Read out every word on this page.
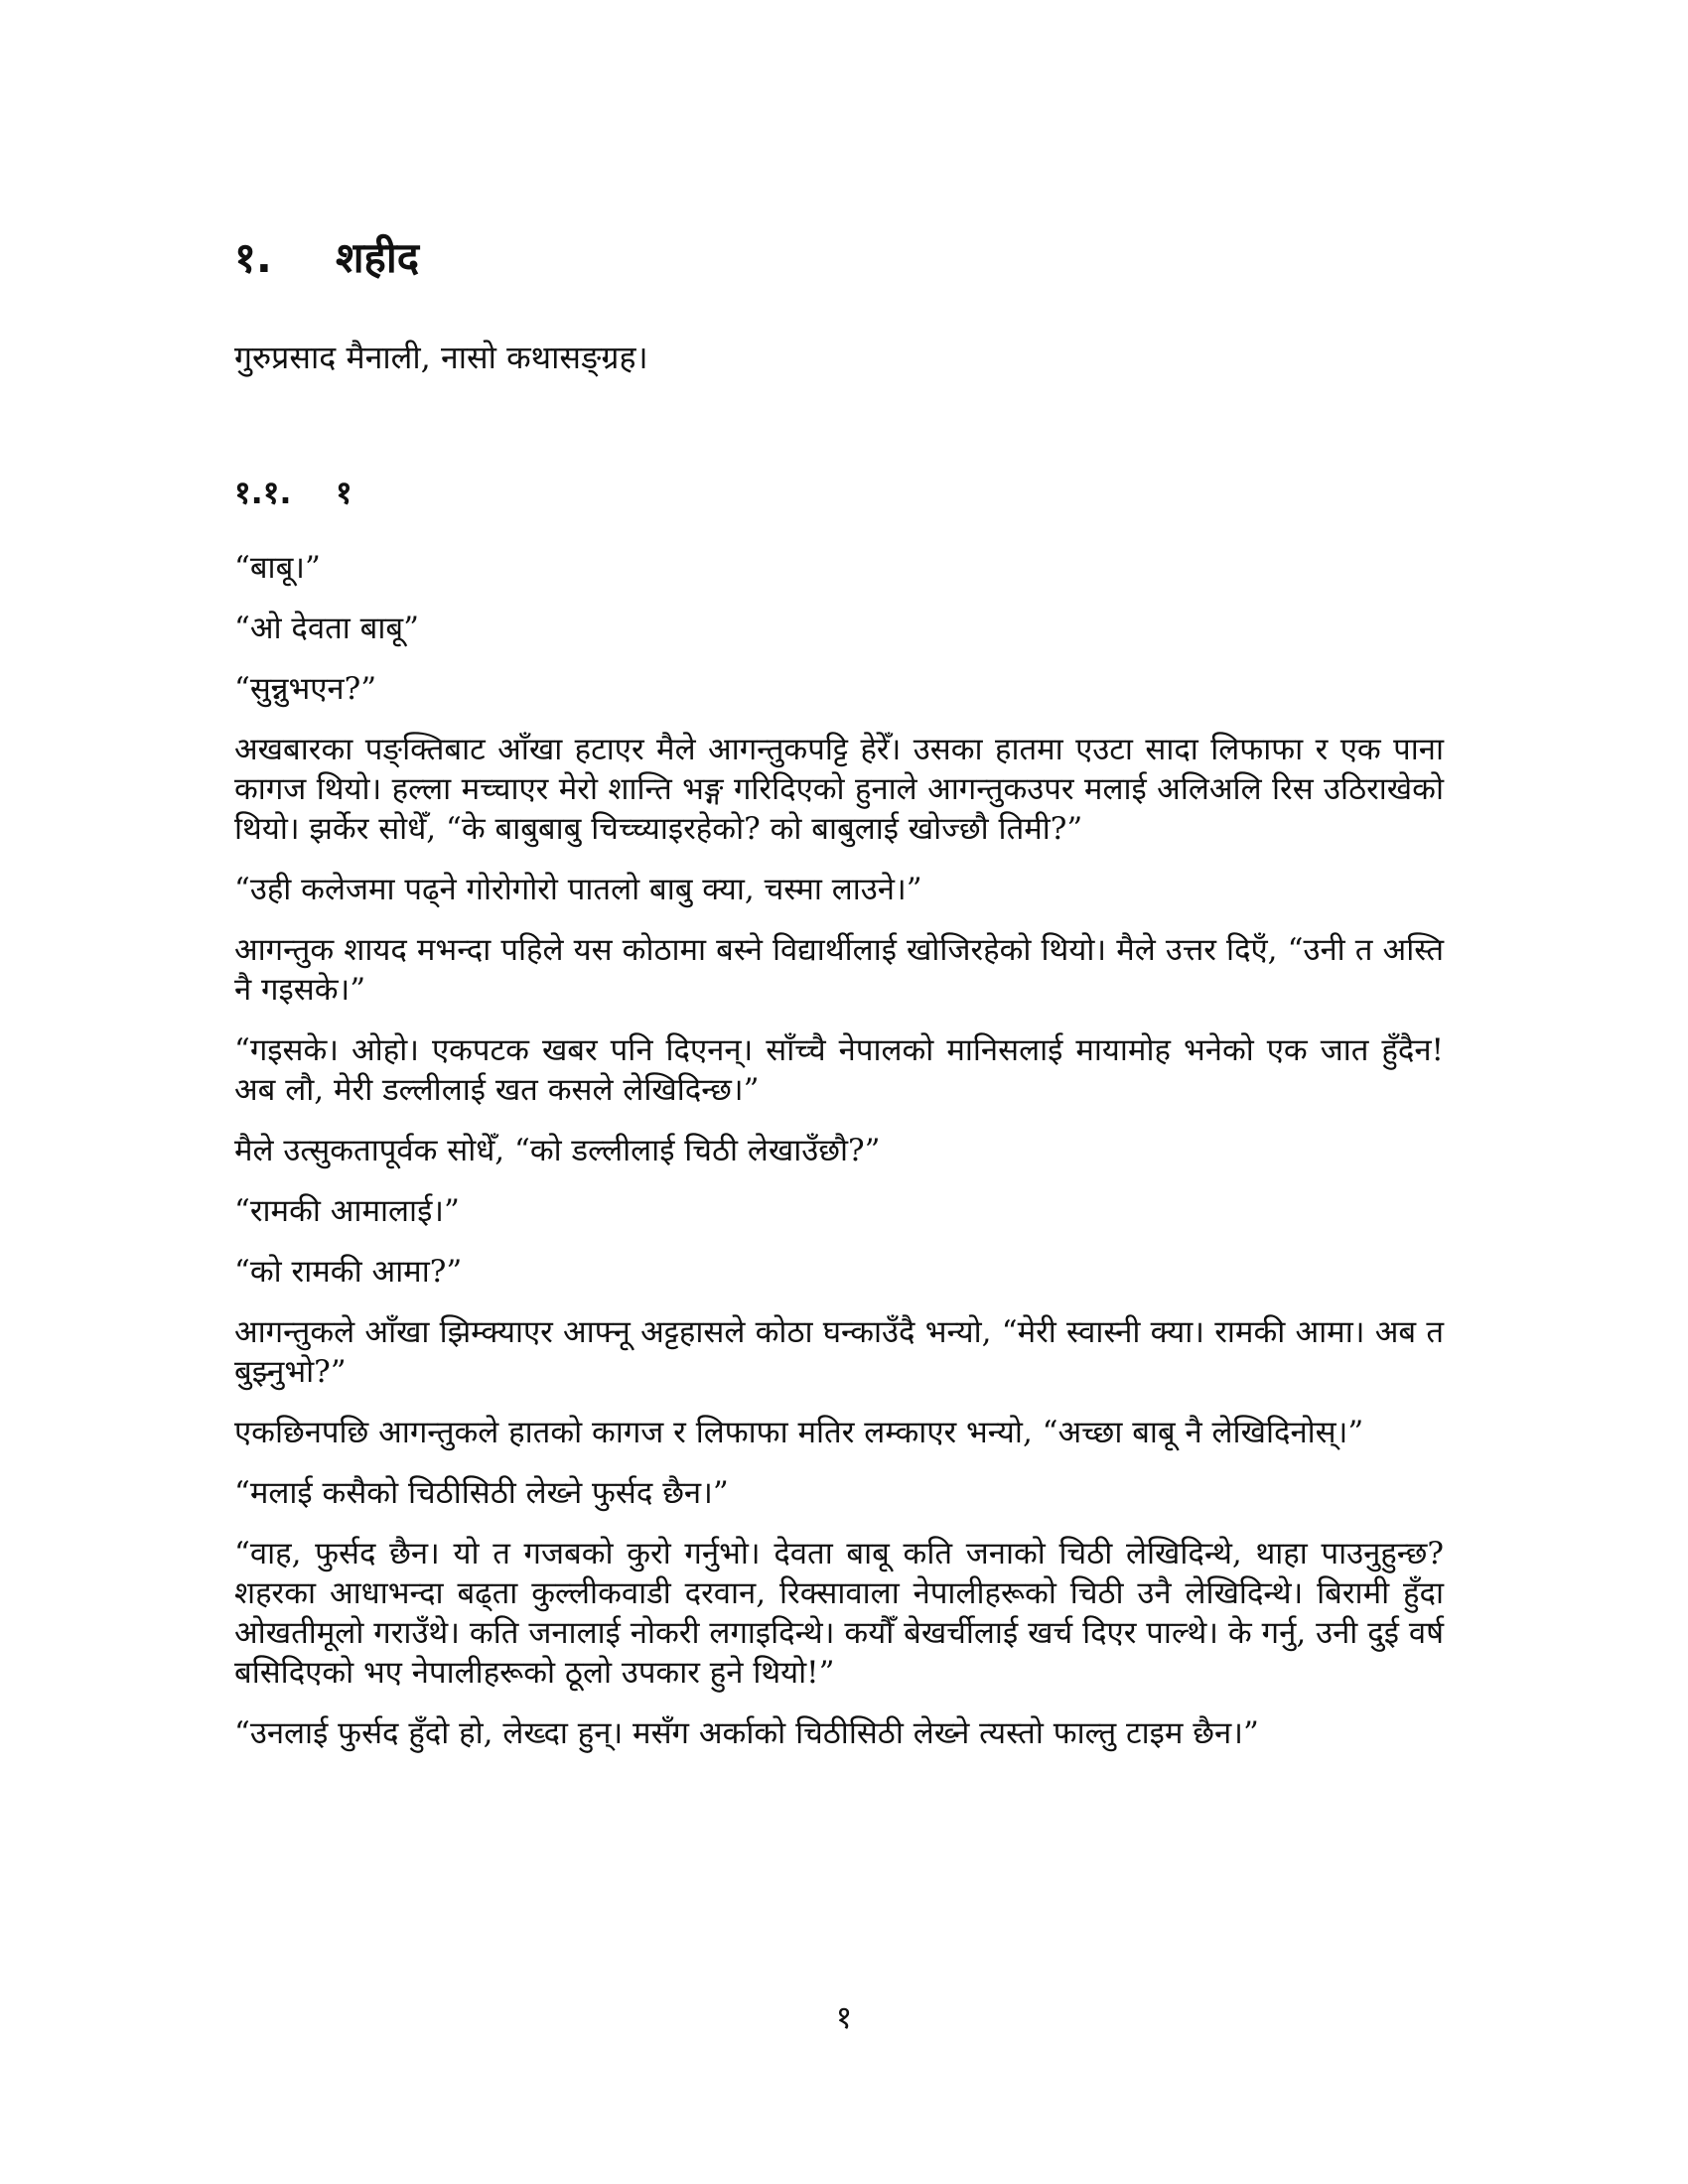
१.	शहीद

गुरुप्रसाद मैनाली, नासो कथासङ्ग्रह।

१.१.	१

“बाबू।”

“ओ देवता बाबू”

“सुन्नुभएन?”

अखबारका पङ्क्तिबाट आँखा हटाएर मैले आगन्तुकपट्टि हेरेँ। उसका हातमा एउटा सादा लिफाफा र एक पाना कागज थियो। हल्ला मच्चाएर मेरो शान्ति भङ्ग गरिदिएको हुनाले आगन्तुकउपर मलाई अलिअलि रिस उठिराखेको थियो। झर्केर सोधेँ, “के बाबुबाबु चिच्च्याइरहेको? को बाबुलाई खोज्छौ तिमी?”

“उही कलेजमा पढ्ने गोरोगोरो पातलो बाबु क्या, चस्मा लाउने।”

आगन्तुक शायद मभन्दा पहिले यस कोठामा बस्ने विद्यार्थीलाई खोजिरहेको थियो। मैले उत्तर दिएँ, “उनी त अस्ति नै गइसके।”

“गइसके। ओहो। एकपटक खबर पनि दिएनन्। साँच्चै नेपालको मानिसलाई मायामोह भनेको एक जात हुँदैन! अब लौ, मेरी डल्लीलाई खत कसले लेखिदिन्छ।”

मैले उत्सुकतापूर्वक सोधेँ, “को डल्लीलाई चिठी लेखाउँछौ?”

“रामकी आमालाई।”

“को रामकी आमा?”

आगन्तुकले आँखा झिम्क्याएर आफ्नू अट्टहासले कोठा घन्काउँदै भन्यो, “मेरी स्वास्नी क्या। रामकी आमा। अब त बुझ्नुभो?”

एकछिनपछि आगन्तुकले हातको कागज र लिफाफा मतिर लम्काएर भन्यो, “अच्छा बाबू नै लेखिदिनोस्।”

“मलाई कसैको चिठीसिठी लेख्ने फुर्सद छैन।”

“वाह, फुर्सद छैन। यो त गजबको कुरो गर्नुभो। देवता बाबू कति जनाको चिठी लेखिदिन्थे, थाहा पाउनुहुन्छ? शहरका आधाभन्दा बढ्ता कुल्लीकवाडी दरवान, रिक्सावाला नेपालीहरूको चिठी उनै लेखिदिन्थे। बिरामी हुँदा ओखतीमूलो गराउँथे। कति जनालाई नोकरी लगाइदिन्थे। कयौँ बेखर्चीलाई खर्च दिएर पाल्थे। के गर्नु, उनी दुई वर्ष बसिदिएको भए नेपालीहरूको ठूलो उपकार हुने थियो!”

“उनलाई फुर्सद हुँदो हो, लेख्दा हुन्। मसँग अर्काको चिठीसिठी लेख्ने त्यस्तो फाल्तु टाइम छैन।”

१
